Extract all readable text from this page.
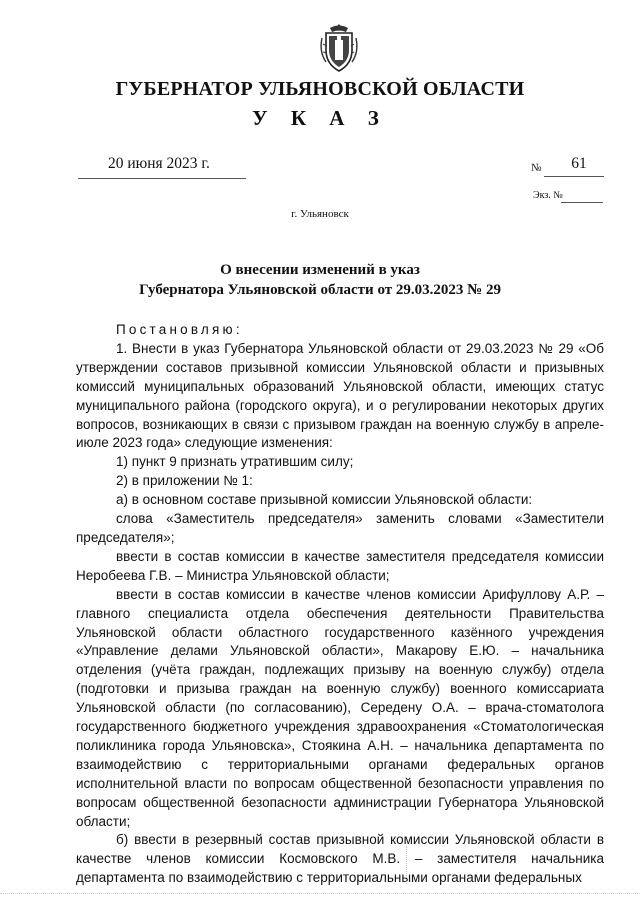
ГУБЕРНАТОР УЛЬЯНОВСКОЙ ОБЛАСТИ
У К А З
20 июня 2023 г.	№	61
Экз. №
г. Ульяновск
О внесении изменений в указ
Губернатора Ульяновской области от 29.03.2023 № 29

Постановляю:

1. Внести в указ Губернатора Ульяновской области от 29.03.2023 № 29 «Об утверждении составов призывной комиссии Ульяновской области и призывных комиссий муниципальных образований Ульяновской области, имеющих статус муниципального района (городского округа), и о регулировании некоторых других вопросов, возникающих в связи с призывом граждан на военную службу в апреле-июле 2023 года» следующие изменения:

1) пункт 9 признать утратившим силу;

2) в приложении № 1:

а) в основном составе призывной комиссии Ульяновской области:

слова «Заместитель председателя» заменить словами «Заместители председателя»;

ввести в состав комиссии в качестве заместителя председателя комиссии Неробеева Г.В. – Министра Ульяновской области;

ввести в состав комиссии в качестве членов комиссии Арифуллову А.Р. – главного специалиста отдела обеспечения деятельности Правительства Ульяновской области областного государственного казённого учреждения «Управление делами Ульяновской области», Макарову Е.Ю. – начальника отделения (учёта граждан, подлежащих призыву на военную службу) отдела (подготовки и призыва граждан на военную службу) военного комиссариата Ульяновской области (по согласованию), Середену О.А. – врача-стоматолога государственного бюджетного учреждения здравоохранения «Стоматологическая поликлиника города Ульяновска», Стоякина А.Н. – начальника департамента по взаимодействию с территориальными органами федеральных органов исполнительной власти по вопросам общественной безопасности управления по вопросам общественной безопасности администрации Губернатора Ульяновской области;

б) ввести в резервный состав призывной комиссии Ульяновской области в качестве членов комиссии Космовского М.В. – заместителя начальника департамента по взаимодействию с территориальными органами федеральных
